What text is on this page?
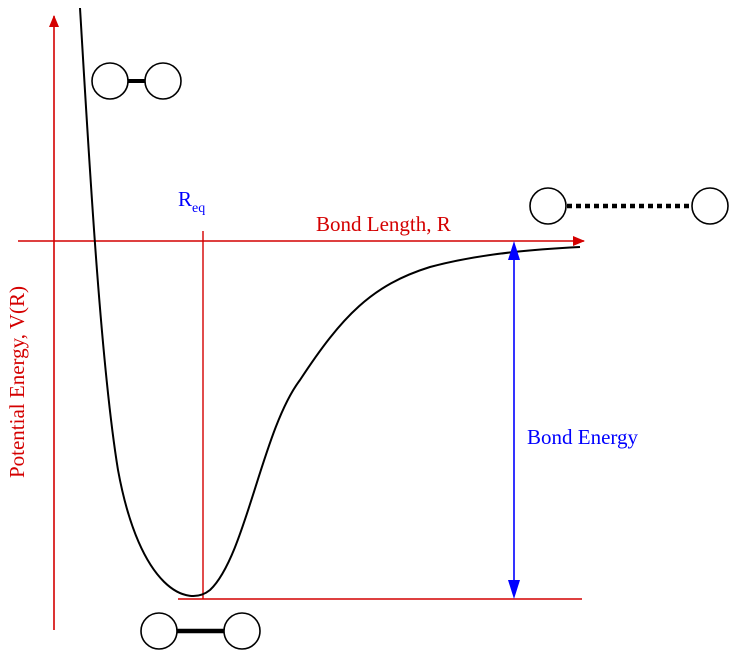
Bond Length, R
Potential Energy, V(R)
$R_{eq}$
Bond Energy
